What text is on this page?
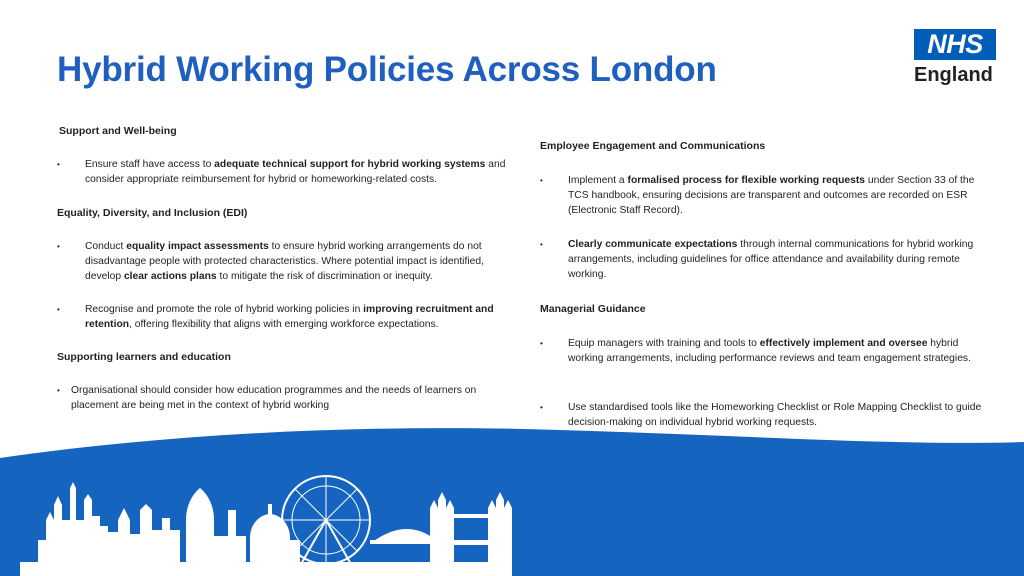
Hybrid Working Policies Across London
NHS
England
Support and Well-being
• Ensure staff have access to adequate technical support for hybrid working systems and consider appropriate reimbursement for hybrid or homeworking-related costs.

Equality, Diversity, and Inclusion (EDI)
• Conduct equality impact assessments to ensure hybrid working arrangements do not disadvantage people with protected characteristics. Where potential impact is identified, develop clear actions plans to mitigate the risk of discrimination or inequity.

• Recognise and promote the role of hybrid working policies in improving recruitment and retention, offering flexibility that aligns with emerging workforce expectations.

Supporting learners and education
• Organisational should consider how education programmes and the needs of learners on placement are being met in the context of hybrid working

Employee Engagement and Communications
• Implement a formalised process for flexible working requests under Section 33 of the TCS handbook, ensuring decisions are transparent and outcomes are recorded on ESR (Electronic Staff Record).

• Clearly communicate expectations through internal communications for hybrid working arrangements, including guidelines for office attendance and availability during remote working.

Managerial Guidance
• Equip managers with training and tools to effectively implement and oversee hybrid working arrangements, including performance reviews and team engagement strategies.

• Use standardised tools like the Homeworking Checklist or Role Mapping Checklist to guide decision-making on individual hybrid working requests.
